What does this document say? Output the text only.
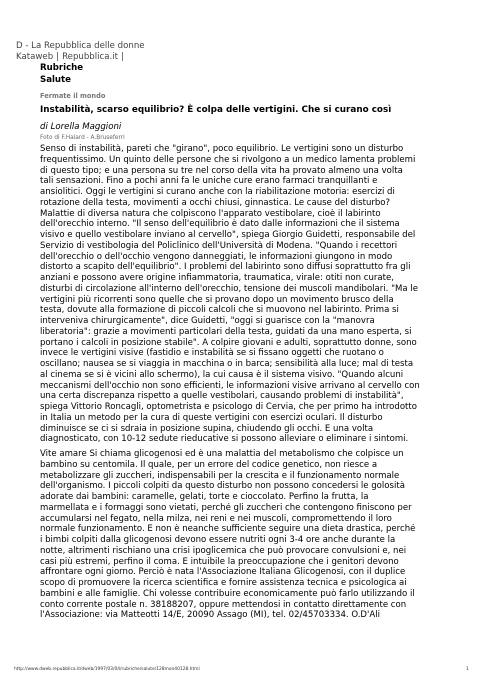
D - La Repubblica delle donne
Kataweb | Repubblica.it |
Rubriche
Salute
Fermate il mondo
Instabilità, scarso equilibrio? È colpa delle vertigini. Che si curano così
di Lorella Maggioni
Foto di F.Halard - A.Bruseferri
Senso di instabilità, pareti che "girano", poco equilibrio. Le vertigini sono un disturbo
frequentissimo. Un quinto delle persone che si rivolgono a un medico lamenta problemi
di questo tipo; e una persona su tre nel corso della vita ha provato almeno una volta
tali sensazioni. Fino a pochi anni fa le uniche cure erano farmaci tranquillanti e
ansiolitici. Oggi le vertigini si curano anche con la riabilitazione motoria: esercizi di
rotazione della testa, movimenti a occhi chiusi, ginnastica. Le cause del disturbo?
Malattie di diversa natura che colpiscono l'apparato vestibolare, cioè il labirinto
dell'orecchio interno. "Il senso dell'equilibrio è dato dalle informazioni che il sistema
visivo e quello vestibolare inviano al cervello", spiega Giorgio Guidetti, responsabile del
Servizio di vestibologia del Policlinico dell'Università di Modena. "Quando i recettori
dell'orecchio o dell'occhio vengono danneggiati, le informazioni giungono in modo
distorto a scapito dell'equilibrio". I problemi del labirinto sono diffusi soprattutto fra gli
anziani e possono avere origine infiammatoria, traumatica, virale: otiti non curate,
disturbi di circolazione all'interno dell'orecchio, tensione dei muscoli mandibolari. "Ma le
vertigini più ricorrenti sono quelle che si provano dopo un movimento brusco della
testa, dovute alla formazione di piccoli calcoli che si muovono nel labirinto. Prima si
interveniva chirurgicamente", dice Guidetti, "oggi si guarisce con la "manovra
liberatoria": grazie a movimenti particolari della testa, guidati da una mano esperta, si
portano i calcoli in posizione stabile". A colpire giovani e adulti, soprattutto donne, sono
invece le vertigini visive (fastidio e instabilità se si fissano oggetti che ruotano o
oscillano; nausea se si viaggia in macchina o in barca; sensibilità alla luce; mal di testa
al cinema se si è vicini allo schermo), la cui causa è il sistema visivo. "Quando alcuni
meccanismi dell'occhio non sono efficienti, le informazioni visive arrivano al cervello con
una certa discrepanza rispetto a quelle vestibolari, causando problemi di instabilità",
spiega Vittorio Roncagli, optometrista e psicologo di Cervia, che per primo ha introdotto
in Italia un metodo per la cura di queste vertigini con esercizi oculari. Il disturbo
diminuisce se ci si sdraia in posizione supina, chiudendo gli occhi. E una volta
diagnosticato, con 10-12 sedute rieducative si possono alleviare o eliminare i sintomi.
Vite amare Si chiama glicogenosi ed è una malattia del metabolismo che colpisce un
bambino su centomila. Il quale, per un errore del codice genetico, non riesce a
metabolizzare gli zuccheri, indispensabili per la crescita e il funzionamento normale
dell'organismo. I piccoli colpiti da questo disturbo non possono concedersi le golosità
adorate dai bambini: caramelle, gelati, torte e cioccolato. Perfino la frutta, la
marmellata e i formaggi sono vietati, perché gli zuccheri che contengono finiscono per
accumularsi nel fegato, nella milza, nei reni e nei muscoli, compromettendo il loro
normale funzionamento. E non è neanche sufficiente seguire una dieta drastica, perché
i bimbi colpiti dalla glicogenosi devono essere nutriti ogni 3-4 ore anche durante la
notte, altrimenti rischiano una crisi ipoglicemica che può provocare convulsioni e, nei
casi più estremi, perfino il coma. È intuibile la preoccupazione che i genitori devono
affrontare ogni giorno. Perciò è nata l'Associazione Italiana Glicogenosi, con il duplice
scopo di promuovere la ricerca scientifica e fornire assistenza tecnica e psicologica ai
bambini e alle famiglie. Chi volesse contribuire economicamente può farlo utilizzando il
conto corrente postale n. 38188207, oppure mettendosi in contatto direttamente con
l'Associazione: via Matteotti 14/E, 20090 Assago (MI), tel. 02/45703334. O.D'Ali
http://www.dweb.repubblica.it/dweb/1997/03/04/rubriche/salute/128mon40128.html	1
